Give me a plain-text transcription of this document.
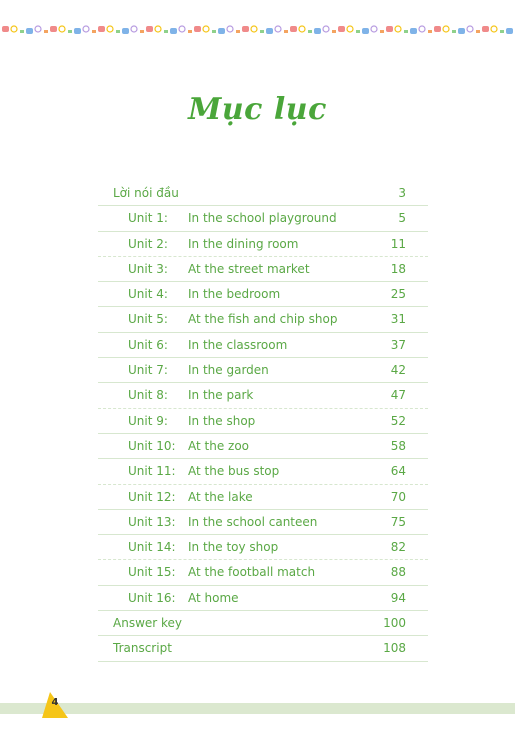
Mục lục
Lời nói đầu	3
Unit 1: In the school playground	5
Unit 2: In the dining room	11
Unit 3: At the street market	18
Unit 4: In the bedroom	25
Unit 5: At the fish and chip shop	31
Unit 6: In the classroom	37
Unit 7: In the garden	42
Unit 8: In the park	47
Unit 9: In the shop	52
Unit 10: At the zoo	58
Unit 11: At the bus stop	64
Unit 12: At the lake	70
Unit 13: In the school canteen	75
Unit 14: In the toy shop	82
Unit 15: At the football match	88
Unit 16: At home	94
Answer key	100
Transcript	108
4
